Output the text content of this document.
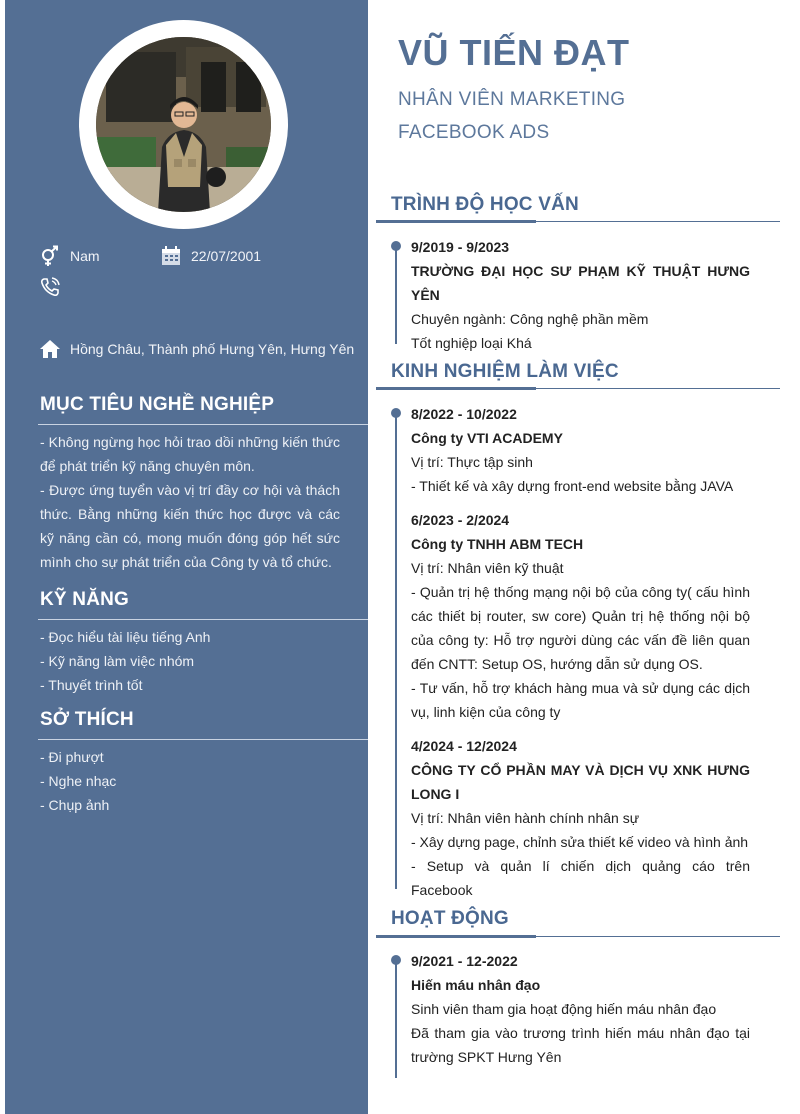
Nam	22/07/2001
Hồng Châu, Thành phố Hưng Yên, Hưng Yên
MỤC TIÊU NGHỀ NGHIỆP
- Không ngừng học hỏi trao dồi những kiến thức để phát triển kỹ năng chuyên môn.
- Được ứng tuyển vào vị trí đầy cơ hội và thách thức. Bằng những kiến thức học được và các kỹ năng cần có, mong muốn đóng góp hết sức mình cho sự phát triển của Công ty và tổ chức.
KỸ NĂNG
- Đọc hiểu tài liệu tiếng Anh
- Kỹ năng làm việc nhóm
- Thuyết trình tốt
SỞ THÍCH
- Đi phượt
- Nghe nhạc
- Chụp ảnh
VŨ TIẾN ĐẠT
NHÂN VIÊN MARKETING
FACEBOOK ADS
TRÌNH ĐỘ HỌC VẤN
9/2019 - 9/2023
TRƯỜNG ĐẠI HỌC SƯ PHẠM KỸ THUẬT HƯNG YÊN
Chuyên ngành: Công nghệ phần mềm
Tốt nghiệp loại Khá
KINH NGHIỆM LÀM VIỆC
8/2022 - 10/2022
Công ty VTI ACADEMY
Vị trí: Thực tập sinh
- Thiết kế và xây dựng front-end website bằng JAVA
6/2023 - 2/2024
Công ty TNHH ABM TECH
Vị trí: Nhân viên kỹ thuật
- Quản trị hệ thống mạng nội bộ của công ty( cấu hình các thiết bị router, sw core) Quản trị hệ thống nội bộ của công ty: Hỗ trợ người dùng các vấn đề liên quan đến CNTT: Setup OS, hướng dẫn sử dụng OS.
- Tư vấn, hỗ trợ khách hàng mua và sử dụng các dịch vụ, linh kiện của công ty
4/2024 - 12/2024
CÔNG TY CỔ PHẦN MAY VÀ DỊCH VỤ XNK HƯNG LONG I
Vị trí: Nhân viên hành chính nhân sự
- Xây dựng page, chỉnh sửa thiết kế video và hình ảnh
- Setup và quản lí chiến dịch quảng cáo trên Facebook
HOẠT ĐỘNG
9/2021 - 12-2022
Hiến máu nhân đạo
Sinh viên tham gia hoạt động hiến máu nhân đạo
Đã tham gia vào trương trình hiến máu nhân đạo tại trường SPKT Hưng Yên
